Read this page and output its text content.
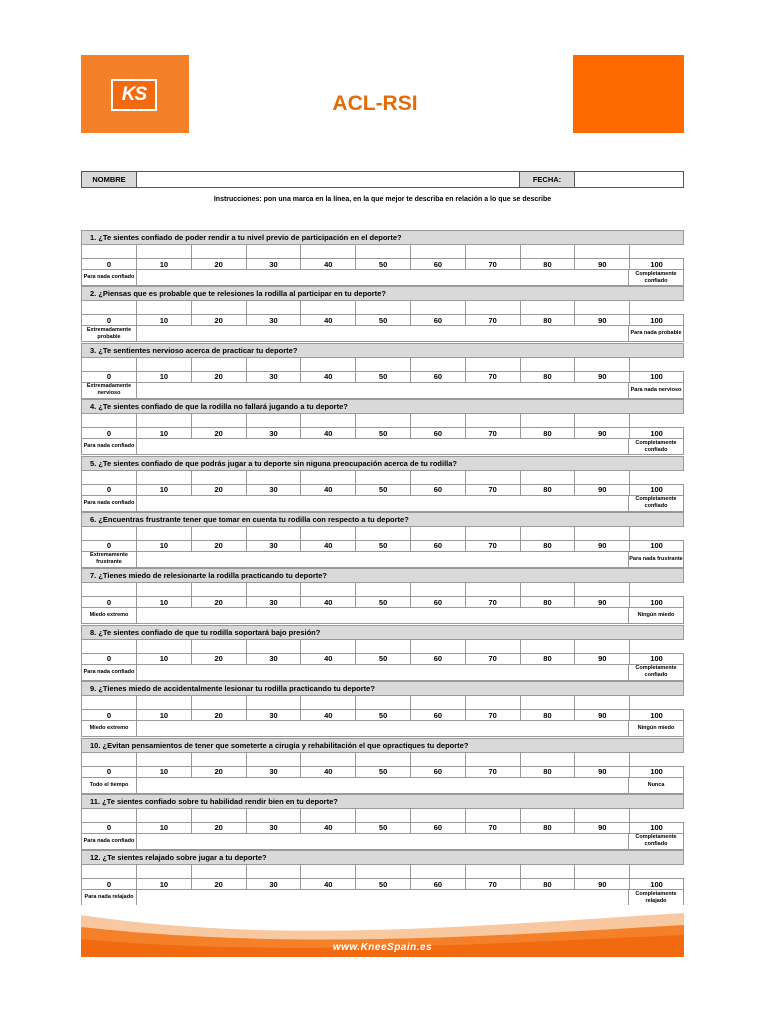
KS	ACL-RSI
NOMBRE	FECHA:
Instrucciones: pon una marca en la línea, en la que mejor te describa en relación a lo que se describe
1. ¿Te sientes confiado de poder rendir a tu nivel previo de participación en el deporte?
0	10	20	30	40	50	60	70	80	90	100
Para nada confiado
Completamente confiado
2. ¿Piensas que es probable que te relesiones la rodilla al participar en tu deporte?
0	10	20	30	40	50	60	70	80	90	100
Extremadamente probable
Para nada probable
3. ¿Te sentientes nervioso acerca de practicar tu deporte?
0	10	20	30	40	50	60	70	80	90	100
Extremadamente nervioso
Para nada nervioso
4. ¿Te sientes confiado de que la rodilla no fallará jugando a tu deporte?
0	10	20	30	40	50	60	70	80	90	100
Para nada confiado
Completamente confiado
5. ¿Te sientes confiado de que podrás jugar a tu deporte sin niguna preocupación acerca de tu rodilla?
0	10	20	30	40	50	60	70	80	90	100
Para nada confiado
Completamente confiado
6. ¿Encuentras frustrante tener que tomar en cuenta tu rodilla con respecto a tu deporte?
0	10	20	30	40	50	60	70	80	90	100
Extremamente frustrante
Para nada frustrante
7. ¿Tienes miedo de relesionarte la rodilla practicando tu deporte?
0	10	20	30	40	50	60	70	80	90	100
Miedo extremo	Ningún miedo
8. ¿Te sientes confiado de que tu rodilla soportará bajo presión?
0	10	20	30	40	50	60	70	80	90	100
Para nada confiado
Completamente confiado
9. ¿Tienes miedo de accidentalmente lesionar tu rodilla practicando tu deporte?
0	10	20	30	40	50	60	70	80	90	100
Miedo extremo	Ningún miedo
10. ¿Evitan pensamientos de tener que someterte a cirugía y rehabilitación el que opractiques tu deporte?
0	10	20	30	40	50	60	70	80	90	100
Todo el tiempo	Nunca
11. ¿Te sientes confiado sobre tu habilidad rendir bien en tu deporte?
0	10	20	30	40	50	60	70	80	90	100
Para nada confiado
Completamente confiado
12. ¿Te sientes relajado sobre jugar a tu deporte?
0	10	20	30	40	50	60	70	80	90	100
Para nada relajado
Completamente relajado
www.KneeSpain.es
